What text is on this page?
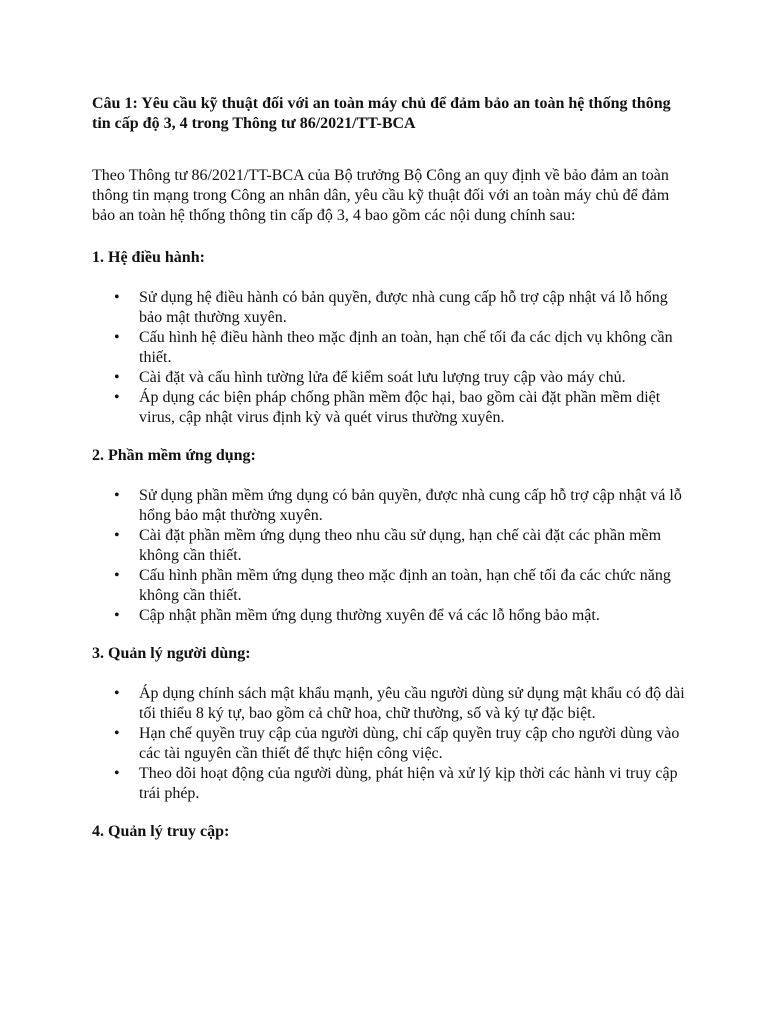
Câu 1: Yêu cầu kỹ thuật đối với an toàn máy chủ để đảm bảo an toàn hệ thống thông tin cấp độ 3, 4 trong Thông tư 86/2021/TT-BCA

Theo Thông tư 86/2021/TT-BCA của Bộ trưởng Bộ Công an quy định về bảo đảm an toàn thông tin mạng trong Công an nhân dân, yêu cầu kỹ thuật đối với an toàn máy chủ để đảm bảo an toàn hệ thống thông tin cấp độ 3, 4 bao gồm các nội dung chính sau:

1. Hệ điều hành:
• Sử dụng hệ điều hành có bản quyền, được nhà cung cấp hỗ trợ cập nhật vá lỗ hổng bảo mật thường xuyên.
• Cấu hình hệ điều hành theo mặc định an toàn, hạn chế tối đa các dịch vụ không cần thiết.
• Cài đặt và cấu hình tường lửa để kiểm soát lưu lượng truy cập vào máy chủ.
• Áp dụng các biện pháp chống phần mềm độc hại, bao gồm cài đặt phần mềm diệt virus, cập nhật virus định kỳ và quét virus thường xuyên.
2. Phần mềm ứng dụng:
• Sử dụng phần mềm ứng dụng có bản quyền, được nhà cung cấp hỗ trợ cập nhật vá lỗ hổng bảo mật thường xuyên.
• Cài đặt phần mềm ứng dụng theo nhu cầu sử dụng, hạn chế cài đặt các phần mềm không cần thiết.
• Cấu hình phần mềm ứng dụng theo mặc định an toàn, hạn chế tối đa các chức năng không cần thiết.
• Cập nhật phần mềm ứng dụng thường xuyên để vá các lỗ hổng bảo mật.
3. Quản lý người dùng:
• Áp dụng chính sách mật khẩu mạnh, yêu cầu người dùng sử dụng mật khẩu có độ dài tối thiểu 8 ký tự, bao gồm cả chữ hoa, chữ thường, số và ký tự đặc biệt.
• Hạn chế quyền truy cập của người dùng, chỉ cấp quyền truy cập cho người dùng vào các tài nguyên cần thiết để thực hiện công việc.
• Theo dõi hoạt động của người dùng, phát hiện và xử lý kịp thời các hành vi truy cập trái phép.
4. Quản lý truy cập:
